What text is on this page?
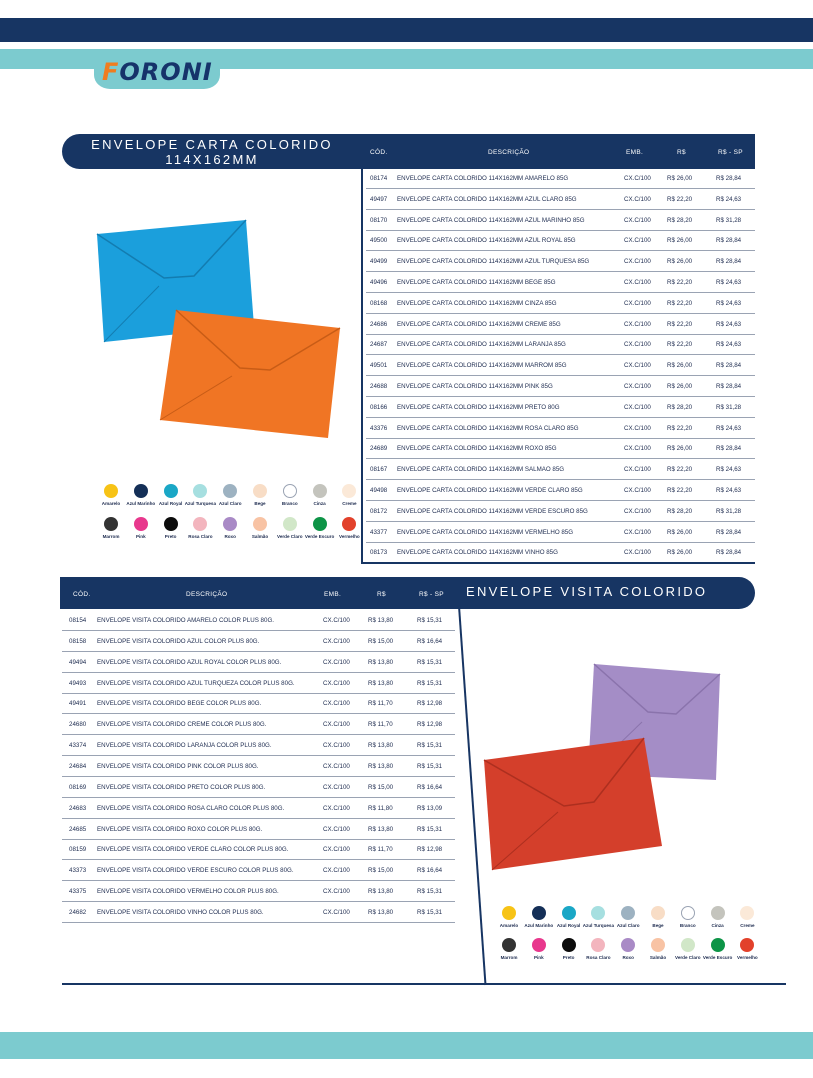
FORONI
ENVELOPE CARTA COLORIDO
114X162MM	CÓD.	DESCRIÇÃO	EMB.	R$	R$ - SP
08174 ENVELOPE CARTA COLORIDO 114X162MM AMARELO 85G	CX.C/100	R$ 26,00	R$ 28,84
49497 ENVELOPE CARTA COLORIDO 114X162MM AZUL CLARO 85G	CX.C/100	R$ 22,20	R$ 24,63
08170 ENVELOPE CARTA COLORIDO 114X162MM AZUL MARINHO 85G	CX.C/100	R$ 28,20	R$ 31,28
49500 ENVELOPE CARTA COLORIDO 114X162MM AZUL ROYAL 85G	CX.C/100	R$ 26,00	R$ 28,84
49499 ENVELOPE CARTA COLORIDO 114X162MM AZUL TURQUESA 85G	CX.C/100	R$ 26,00	R$ 28,84
49496 ENVELOPE CARTA COLORIDO 114X162MM BEGE 85G	CX.C/100	R$ 22,20	R$ 24,63
08168 ENVELOPE CARTA COLORIDO 114X162MM CINZA 85G	CX.C/100	R$ 22,20	R$ 24,63
24686 ENVELOPE CARTA COLORIDO 114X162MM CREME 85G	CX.C/100	R$ 22,20	R$ 24,63
24687 ENVELOPE CARTA COLORIDO 114X162MM LARANJA 85G	CX.C/100	R$ 22,20	R$ 24,63
49501 ENVELOPE CARTA COLORIDO 114X162MM MARROM 85G	CX.C/100	R$ 26,00	R$ 28,84
24688 ENVELOPE CARTA COLORIDO 114X162MM PINK 85G	CX.C/100	R$ 26,00	R$ 28,84
08166 ENVELOPE CARTA COLORIDO 114X162MM PRETO 80G	CX.C/100	R$ 28,20	R$ 31,28
43376 ENVELOPE CARTA COLORIDO 114X162MM ROSA CLARO 85G	CX.C/100	R$ 22,20	R$ 24,63
24689 ENVELOPE CARTA COLORIDO 114X162MM ROXO 85G	CX.C/100	R$ 26,00	R$ 28,84
08167 ENVELOPE CARTA COLORIDO 114X162MM SALMAO 85G	CX.C/100	R$ 22,20	R$ 24,63
49498 ENVELOPE CARTA COLORIDO 114X162MM VERDE CLARO 85G	CX.C/100	R$ 22,20	R$ 24,63
08172 ENVELOPE CARTA COLORIDO 114X162MM VERDE ESCURO 85G	CX.C/100	R$ 28,20	R$ 31,28
43377 ENVELOPE CARTA COLORIDO 114X162MM VERMELHO 85G	CX.C/100	R$ 26,00	R$ 28,84
08173 ENVELOPE CARTA COLORIDO 114X162MM VINHO 85G	CX.C/100	R$ 26,00	R$ 28,84
Amarelo	Azul Marinho Azul Royal Azul Turquesa Azul Claro	Bege	Branco	Cinza	Creme
Marrom	Pink	Preto	Rosa Claro	Roxo	Salmão	Verde Claro Verde Escuro	Vermelho
ENVELOPE VISITA COLORIDO
CÓD.	DESCRIÇÃO	EMB.	R$	R$ - SP
08154 ENVELOPE VISITA COLORIDO AMARELO COLOR PLUS 80G.	CX.C/100	R$ 13,80	R$ 15,31
08158 ENVELOPE VISITA COLORIDO AZUL COLOR PLUS 80G.	CX.C/100	R$ 15,00	R$ 16,64
49494 ENVELOPE VISITA COLORIDO AZUL ROYAL COLOR PLUS 80G.	CX.C/100	R$ 13,80	R$ 15,31
49493 ENVELOPE VISITA COLORIDO AZUL TURQUEZA COLOR PLUS 80G.	CX.C/100	R$ 13,80	R$ 15,31
49491 ENVELOPE VISITA COLORIDO BEGE COLOR PLUS 80G.	CX.C/100	R$ 11,70	R$ 12,98
24680 ENVELOPE VISITA COLORIDO CREME COLOR PLUS 80G.	CX.C/100	R$ 11,70	R$ 12,98
43374 ENVELOPE VISITA COLORIDO LARANJA COLOR PLUS 80G.	CX.C/100	R$ 13,80	R$ 15,31
24684 ENVELOPE VISITA COLORIDO PINK COLOR PLUS 80G.	CX.C/100	R$ 13,80	R$ 15,31
08169 ENVELOPE VISITA COLORIDO PRETO COLOR PLUS 80G.	CX.C/100	R$ 15,00	R$ 16,64
24683 ENVELOPE VISITA COLORIDO ROSA CLARO COLOR PLUS 80G.	CX.C/100	R$ 11,80	R$ 13,09
24685 ENVELOPE VISITA COLORIDO ROXO COLOR PLUS 80G.	CX.C/100	R$ 13,80	R$ 15,31
08159 ENVELOPE VISITA COLORIDO VERDE CLARO COLOR PLUS 80G.	CX.C/100	R$ 11,70	R$ 12,98
43373 ENVELOPE VISITA COLORIDO VERDE ESCURO COLOR PLUS 80G.	CX.C/100	R$ 15,00	R$ 16,64
43375 ENVELOPE VISITA COLORIDO VERMELHO COLOR PLUS 80G.	CX.C/100	R$ 13,80	R$ 15,31
24682 ENVELOPE VISITA COLORIDO VINHO COLOR PLUS 80G.	CX.C/100	R$ 13,80	R$ 15,31
Amarelo	Azul Marinho Azul Royal Azul Turquesa Azul Claro	Bege	Branco	Cinza	Creme
Marrom	Pink	Preto	Rosa Claro	Roxo	Salmão	Verde Claro Verde Escuro	Vermelho
